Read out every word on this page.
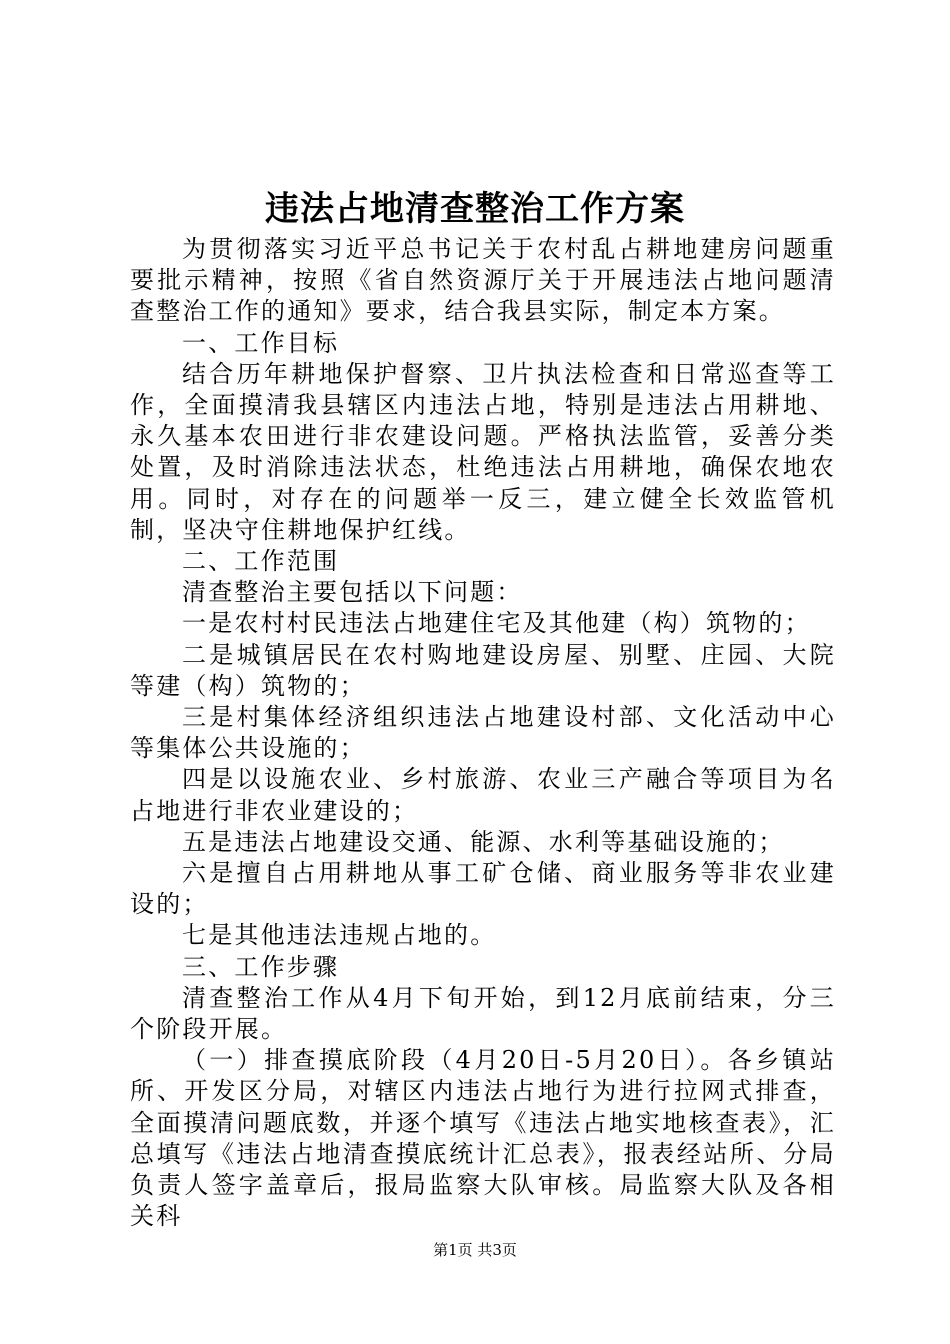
违法占地清查整治工作方案

为贯彻落实习近平总书记关于农村乱占耕地建房问题重要批示精神，按照《省自然资源厅关于开展违法占地问题清查整治工作的通知》要求，结合我县实际，制定本方案。

一、工作目标

结合历年耕地保护督察、卫片执法检查和日常巡查等工作，全面摸清我县辖区内违法占地，特别是违法占用耕地、永久基本农田进行非农建设问题。严格执法监管，妥善分类处置，及时消除违法状态，杜绝违法占用耕地，确保农地农用。同时，对存在的问题举一反三，建立健全长效监管机制，坚决守住耕地保护红线。

二、工作范围

清查整治主要包括以下问题：

一是农村村民违法占地建住宅及其他建（构）筑物的；

二是城镇居民在农村购地建设房屋、别墅、庄园、大院等建（构）筑物的；

三是村集体经济组织违法占地建设村部、文化活动中心等集体公共设施的；

四是以设施农业、乡村旅游、农业三产融合等项目为名占地进行非农业建设的；

五是违法占地建设交通、能源、水利等基础设施的；

六是擅自占用耕地从事工矿仓储、商业服务等非农业建设的；

七是其他违法违规占地的。

三、工作步骤

清查整治工作从4月下旬开始，到12月底前结束，分三个阶段开展。

（一）排查摸底阶段（4月20日-5月20日）。各乡镇站所、开发区分局，对辖区内违法占地行为进行拉网式排查，全面摸清问题底数，并逐个填写《违法占地实地核查表》，汇总填写《违法占地清查摸底统计汇总表》，报表经站所、分局负责人签字盖章后，报局监察大队审核。局监察大队及各相关科

第1页 共3页
